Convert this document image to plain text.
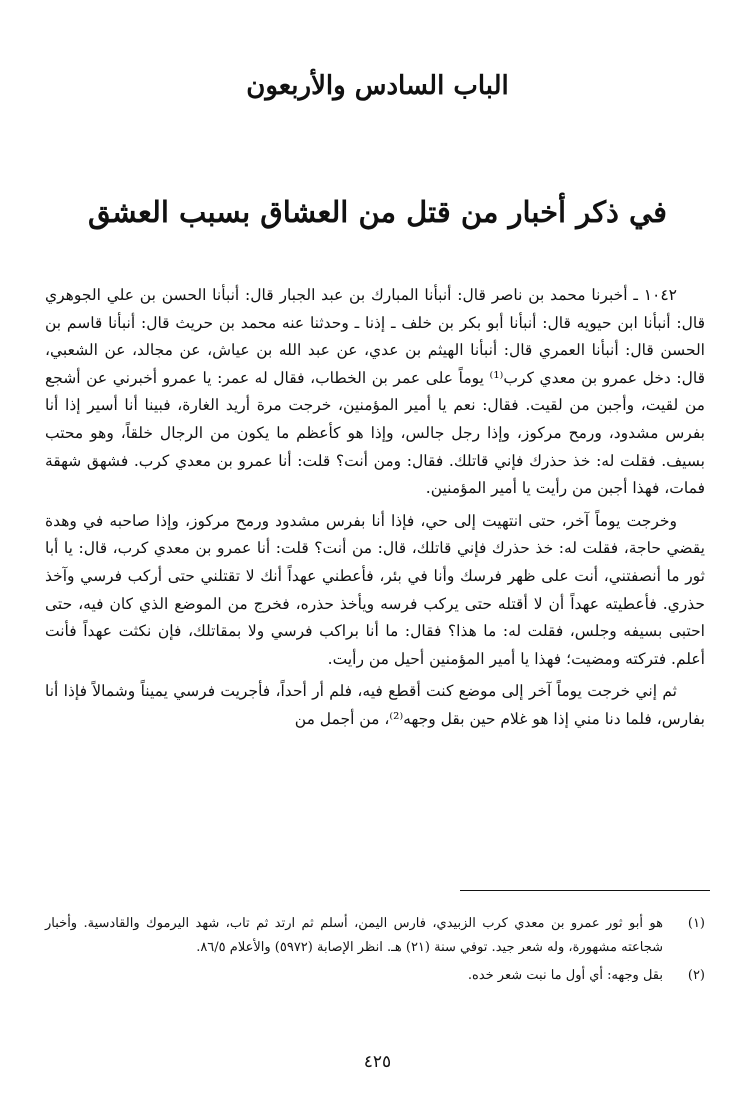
الباب السادس والأربعون
في ذكر أخبار من قتل من العشاق بسبب العشق

١٠٤٢ ـ أخبرنا محمد بن ناصر قال: أنبأنا المبارك بن عبد الجبار قال: أنبأنا الحسن بن علي الجوهري قال: أنبأنا ابن حيويه قال: أنبأنا أبو بكر بن خلف ـ إذنا ـ وحدثنا عنه محمد بن حريث قال: أنبأنا قاسم بن الحسن قال: أنبأنا العمري قال: أنبأنا الهيثم بن عدي، عن عبد الله بن عياش، عن مجالد، عن الشعبي، قال: دخل عمرو بن معدي كرب⁽¹⁾ يوماً على عمر بن الخطاب، فقال له عمر: يا عمرو أخبرني عن أشجع من لقيت، وأجبن من لقيت. فقال: نعم يا أمير المؤمنين، خرجت مرة أريد الغارة، فبينا أنا أسير إذا أنا بفرس مشدود، ورمح مركوز، وإذا رجل جالس، وإذا هو كأعظم ما يكون من الرجال خلقاً، وهو محتب بسيف. فقلت له: خذ حذرك فإني قاتلك. فقال: ومن أنت؟ قلت: أنا عمرو بن معدي كرب. فشهق شهقة فمات، فهذا أجبن من رأيت يا أمير المؤمنين.

وخرجت يوماً آخر، حتى انتهيت إلى حي، فإذا أنا بفرس مشدود ورمح مركوز، وإذا صاحبه في وهدة يقضي حاجة، فقلت له: خذ حذرك فإني قاتلك، قال: من أنت؟ قلت: أنا عمرو بن معدي كرب، قال: يا أبا ثور ما أنصفتني، أنت على ظهر فرسك وأنا في بئر، فأعطني عهداً أنك لا تقتلني حتى أركب فرسي وآخذ حذري. فأعطيته عهداً أن لا أقتله حتى يركب فرسه ويأخذ حذره، فخرج من الموضع الذي كان فيه، حتى احتبى بسيفه وجلس، فقلت له: ما هذا؟ فقال: ما أنا براكب فرسي ولا بمقاتلك، فإن نكثت عهداً فأنت أعلم. فتركته ومضيت؛ فهذا يا أمير المؤمنين أحيل من رأيت.

ثم إني خرجت يوماً آخر إلى موضع كنت أقطع فيه، فلم أر أحداً، فأجريت فرسي يميناً وشمالاً فإذا أنا بفارس، فلما دنا مني إذا هو غلام حين بقل وجهه⁽²⁾، من أجمل من

(١)
هو أبو ثور عمرو بن معدي كرب الزبيدي، فارس اليمن، أسلم ثم ارتد ثم تاب، شهد اليرموك والقادسية. وأخبار شجاعته مشهورة، وله شعر جيد. توفي سنة (٢١) هـ. انظر الإصابة (٥٩٧٢) والأعلام ٨٦/٥.
(٢)
بقل وجهه: أي أول ما نبت شعر خده.
٤٢٥
